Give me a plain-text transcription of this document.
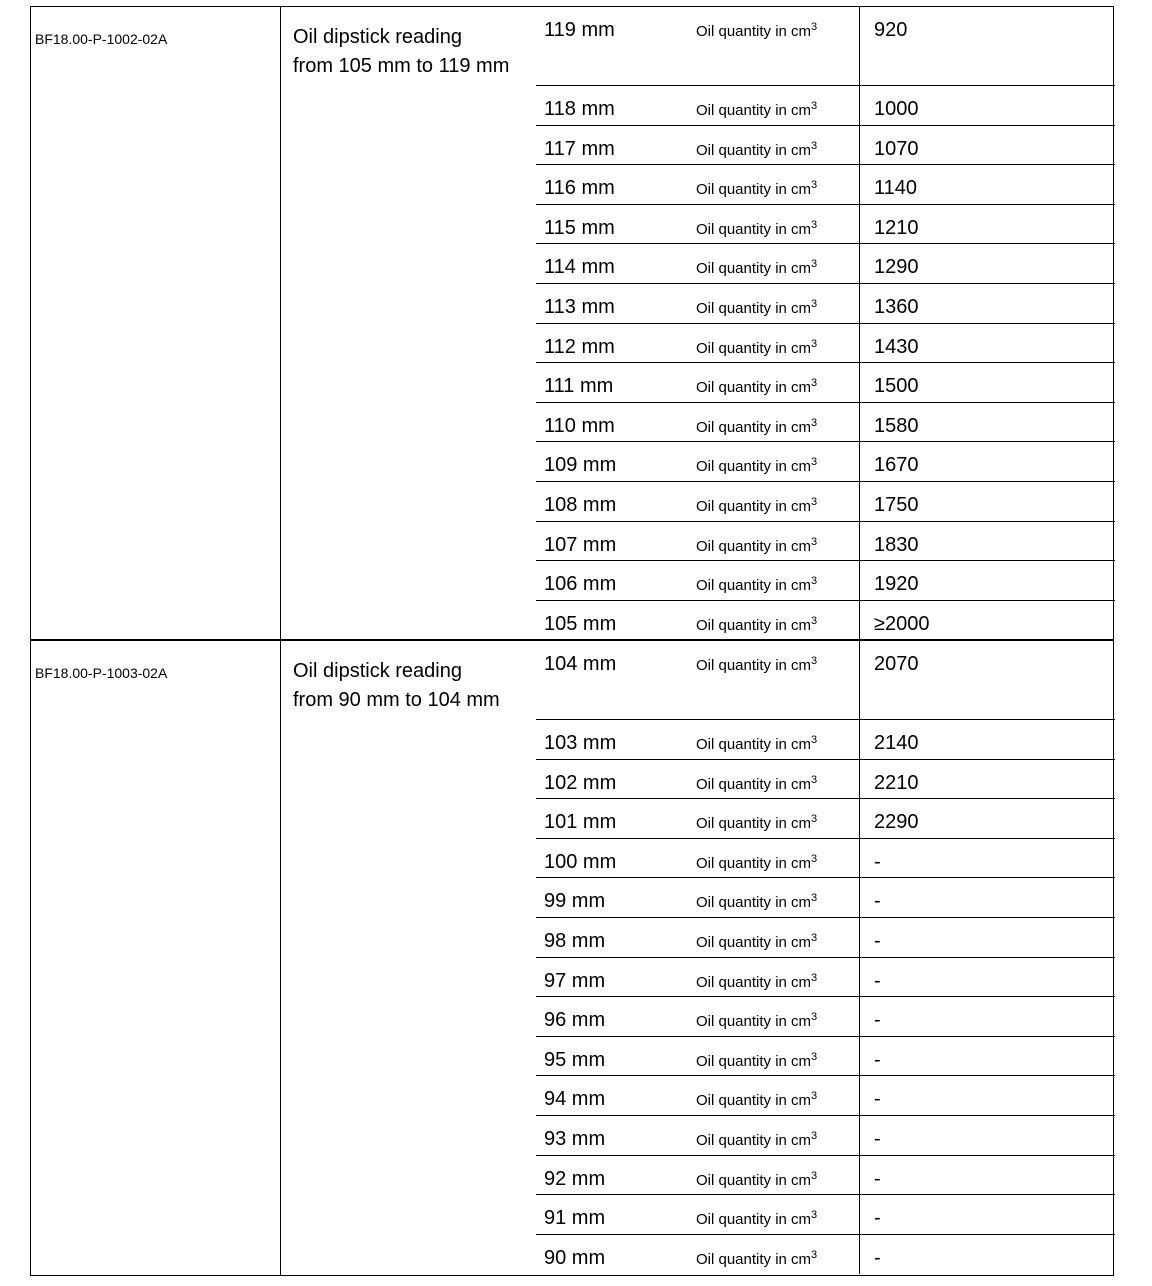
BF18.00-P-1002-02A	Oil dipstick reading
from 105 mm to 119 mm
119 mm	Oil quantity in $cm^3$	920
118 mm	Oil quantity in $cm^3$	1000
117 mm	Oil quantity in $cm^3$	1070
116 mm	Oil quantity in $cm^3$	1140
115 mm	Oil quantity in $cm^3$	1210
114 mm	Oil quantity in $cm^3$	1290
113 mm	Oil quantity in $cm^3$	1360
112 mm	Oil quantity in $cm^3$	1430
111 mm	Oil quantity in $cm^3$	1500
110 mm	Oil quantity in $cm^3$	1580
109 mm	Oil quantity in $cm^3$	1670
108 mm	Oil quantity in $cm^3$	1750
107 mm	Oil quantity in $cm^3$	1830
106 mm	Oil quantity in $cm^3$	1920
105 mm	Oil quantity in $cm^3$	≥2000
BF18.00-P-1003-02A	Oil dipstick reading
from 90 mm to 104 mm
104 mm	Oil quantity in $cm^3$	2070
103 mm	Oil quantity in $cm^3$	2140
102 mm	Oil quantity in $cm^3$	2210
101 mm	Oil quantity in $cm^3$	2290
100 mm	Oil quantity in $cm^3$	-
99 mm	Oil quantity in $cm^3$	-
98 mm	Oil quantity in $cm^3$	-
97 mm	Oil quantity in $cm^3$	-
96 mm	Oil quantity in $cm^3$	-
95 mm	Oil quantity in $cm^3$	-
94 mm	Oil quantity in $cm^3$	-
93 mm	Oil quantity in $cm^3$	-
92 mm	Oil quantity in $cm^3$	-
91 mm	Oil quantity in $cm^3$	-
90 mm	Oil quantity in $cm^3$	-
